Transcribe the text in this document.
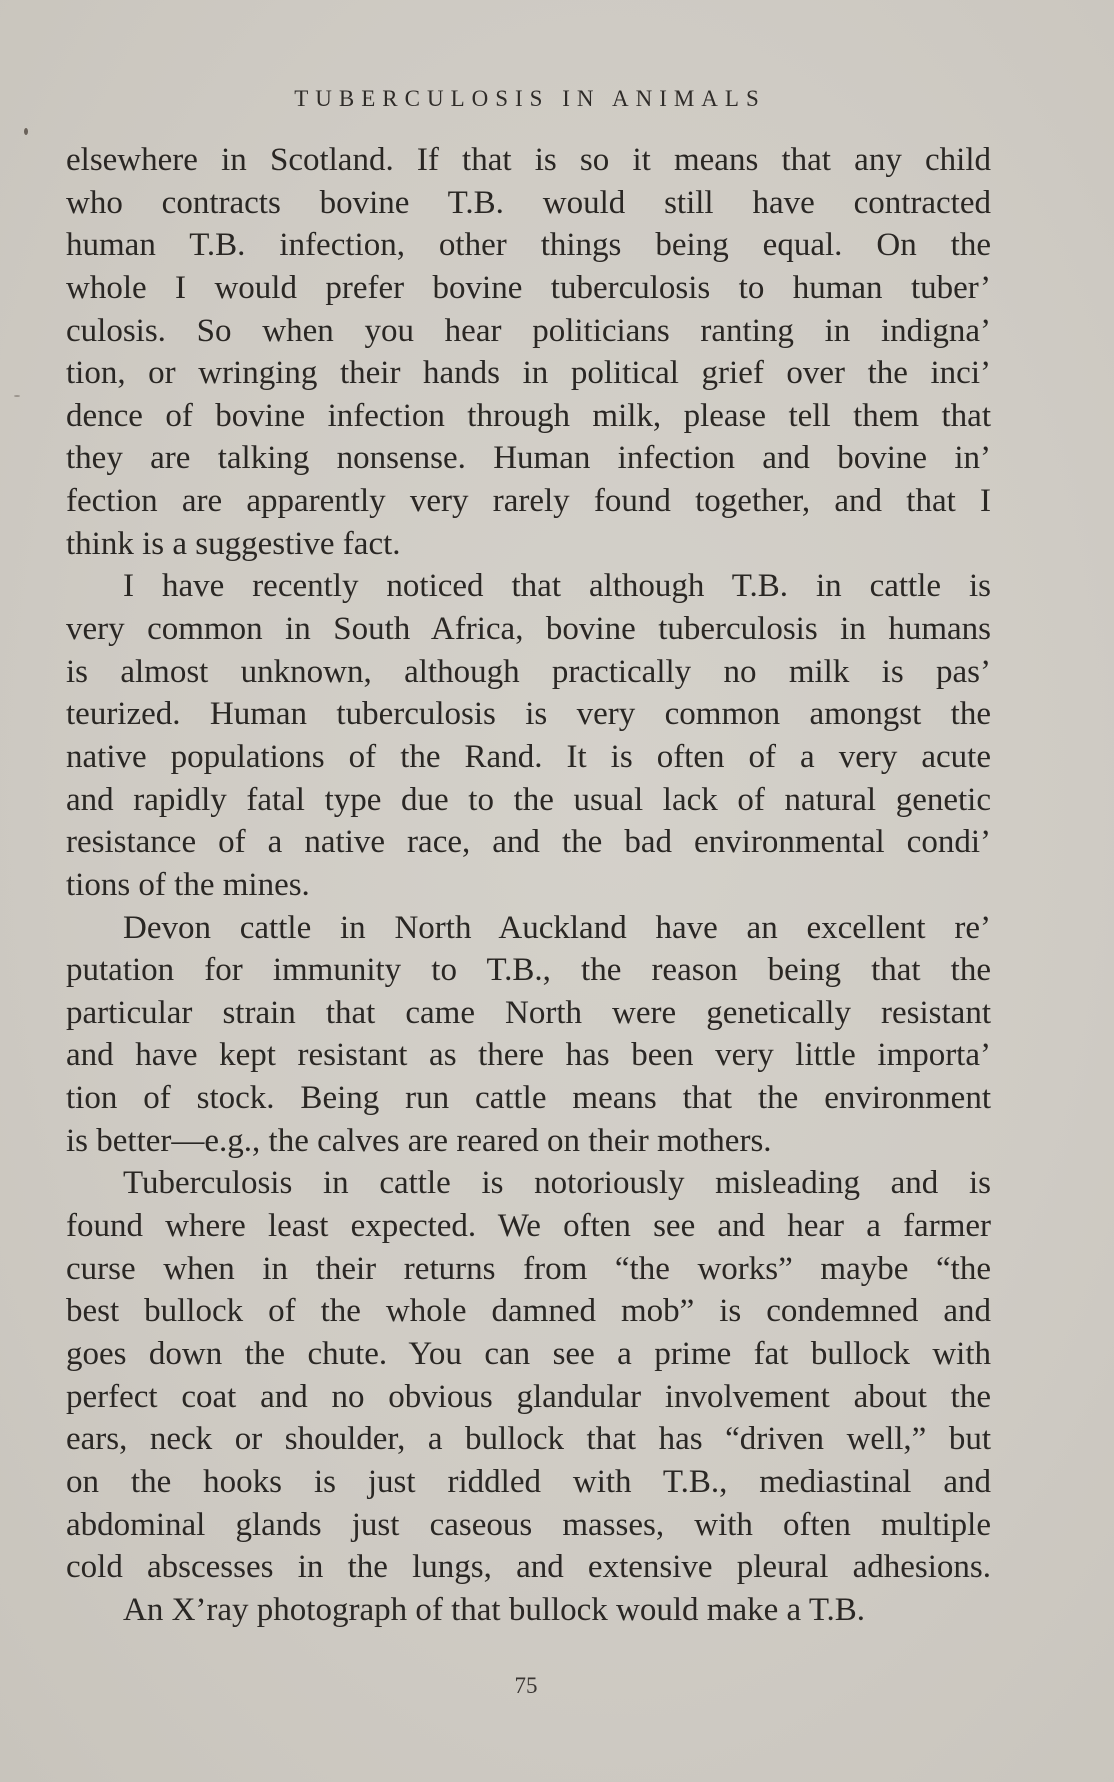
TUBERCULOSIS IN ANIMALS
elsewhere in Scotland. If that is so it means that any child
who contracts bovine T.B. would still have contracted
human T.B. infection, other things being equal. On the
whole I would prefer bovine tuberculosis to human tuber’
culosis. So when you hear politicians ranting in indigna’
tion, or wringing their hands in political grief over the inci’
dence of bovine infection through milk, please tell them that
they are talking nonsense. Human infection and bovine in’
fection are apparently very rarely found together, and that I
think is a suggestive fact.
I have recently noticed that although T.B. in cattle is
very common in South Africa, bovine tuberculosis in humans
is almost unknown, although practically no milk is pas’
teurized. Human tuberculosis is very common amongst the
native populations of the Rand. It is often of a very acute
and rapidly fatal type due to the usual lack of natural genetic
resistance of a native race, and the bad environmental condi’
tions of the mines.
Devon cattle in North Auckland have an excellent re’
putation for immunity to T.B., the reason being that the
particular strain that came North were genetically resistant
and have kept resistant as there has been very little importa’
tion of stock. Being run cattle means that the environment
is better—e.g., the calves are reared on their mothers.
Tuberculosis in cattle is notoriously misleading and is
found where least expected. We often see and hear a farmer
curse when in their returns from “the works” maybe “the
best bullock of the whole damned mob” is condemned and
goes down the chute. You can see a prime fat bullock with
perfect coat and no obvious glandular involvement about the
ears, neck or shoulder, a bullock that has “driven well,” but
on the hooks is just riddled with T.B., mediastinal and
abdominal glands just caseous masses, with often multiple
cold abscesses in the lungs, and extensive pleural adhesions.
An X’ray photograph of that bullock would make a T.B.
75
